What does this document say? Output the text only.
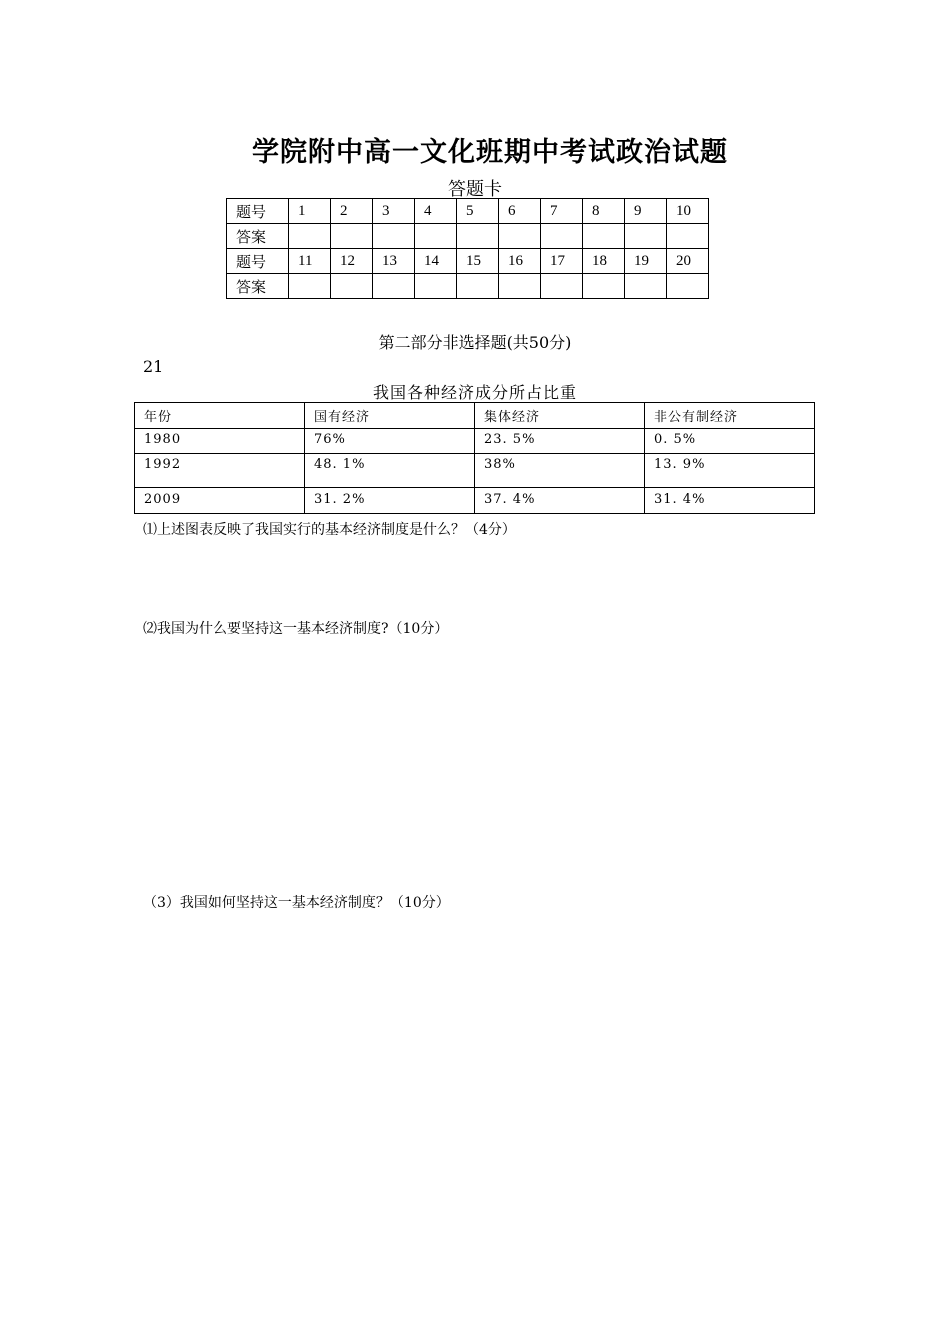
学院附中高一文化班期中考试政治试题
答题卡
题号	1	2	3	4	5	6	7	8	9	10
答案										
题号	11	12	13	14	15	16	17	18	19	20
答案										
第二部分非选择题(共50分)
21
我国各种经济成分所占比重
年份	国有经济	集体经济	非公有制经济
1980	76%	23. 5%	0. 5%
1992	48. 1%	38%	13. 9%
2009	31. 2%	37. 4%	31. 4%
⑴上述图表反映了我国实行的基本经济制度是什么？（4分）
⑵我国为什么要坚持这一基本经济制度?（10分）
（3）我国如何坚持这一基本经济制度？（10分）
